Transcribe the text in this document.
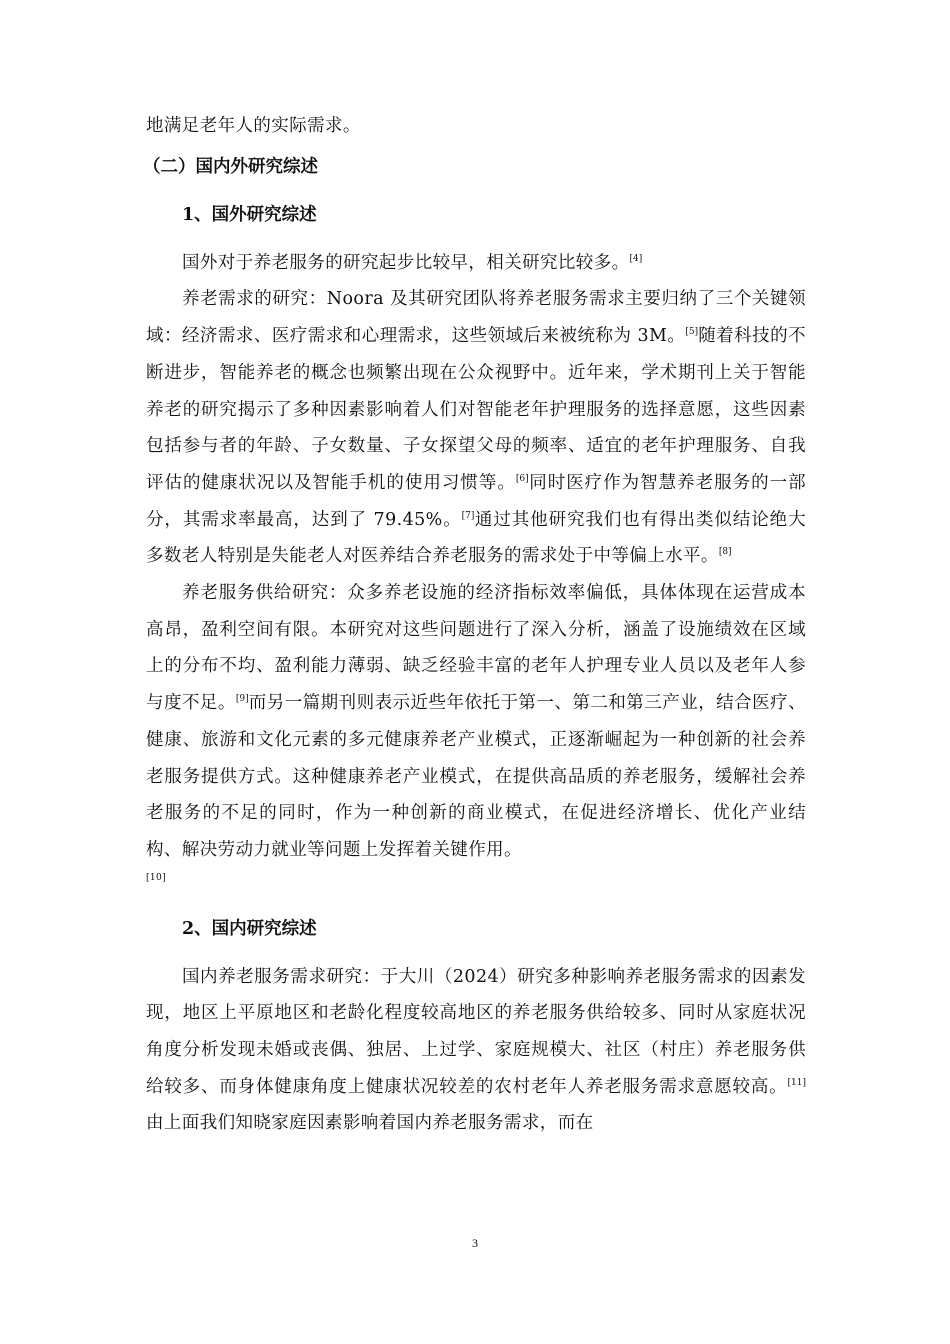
地满足老年人的实际需求。

（二）国内外研究综述
1、国外研究综述

国外对于养老服务的研究起步比较早，相关研究比较多。[4]

养老需求的研究：Noora 及其研究团队将养老服务需求主要归纳了三个关键领域：经济需求、医疗需求和心理需求，这些领域后来被统称为 3M。[5]随着科技的不断进步，智能养老的概念也频繁出现在公众视野中。近年来，学术期刊上关于智能养老的研究揭示了多种因素影响着人们对智能老年护理服务的选择意愿，这些因素包括参与者的年龄、子女数量、子女探望父母的频率、适宜的老年护理服务、自我评估的健康状况以及智能手机的使用习惯等。[6]同时医疗作为智慧养老服务的一部分，其需求率最高，达到了 79.45%。[7]通过其他研究我们也有得出类似结论绝大多数老人特别是失能老人对医养结合养老服务的需求处于中等偏上水平。[8]

养老服务供给研究：众多养老设施的经济指标效率偏低，具体体现在运营成本高昂，盈利空间有限。本研究对这些问题进行了深入分析，涵盖了设施绩效在区域上的分布不均、盈利能力薄弱、缺乏经验丰富的老年人护理专业人员以及老年人参与度不足。[9]而另一篇期刊则表示近些年依托于第一、第二和第三产业，结合医疗、健康、旅游和文化元素的多元健康养老产业模式，正逐渐崛起为一种创新的社会养老服务提供方式。这种健康养老产业模式，在提供高品质的养老服务，缓解社会养老服务的不足的同时，作为一种创新的商业模式，在促进经济增长、优化产业结构、解决劳动力就业等问题上发挥着关键作用。

[10]

2、国内研究综述

国内养老服务需求研究：于大川（2024）研究多种影响养老服务需求的因素发现，地区上平原地区和老龄化程度较高地区的养老服务供给较多、同时从家庭状况角度分析发现未婚或丧偶、独居、上过学、家庭规模大、社区（村庄）养老服务供给较多、而身体健康角度上健康状况较差的农村老年人养老服务需求意愿较高。[11]由上面我们知晓家庭因素影响着国内养老服务需求，而在

3
